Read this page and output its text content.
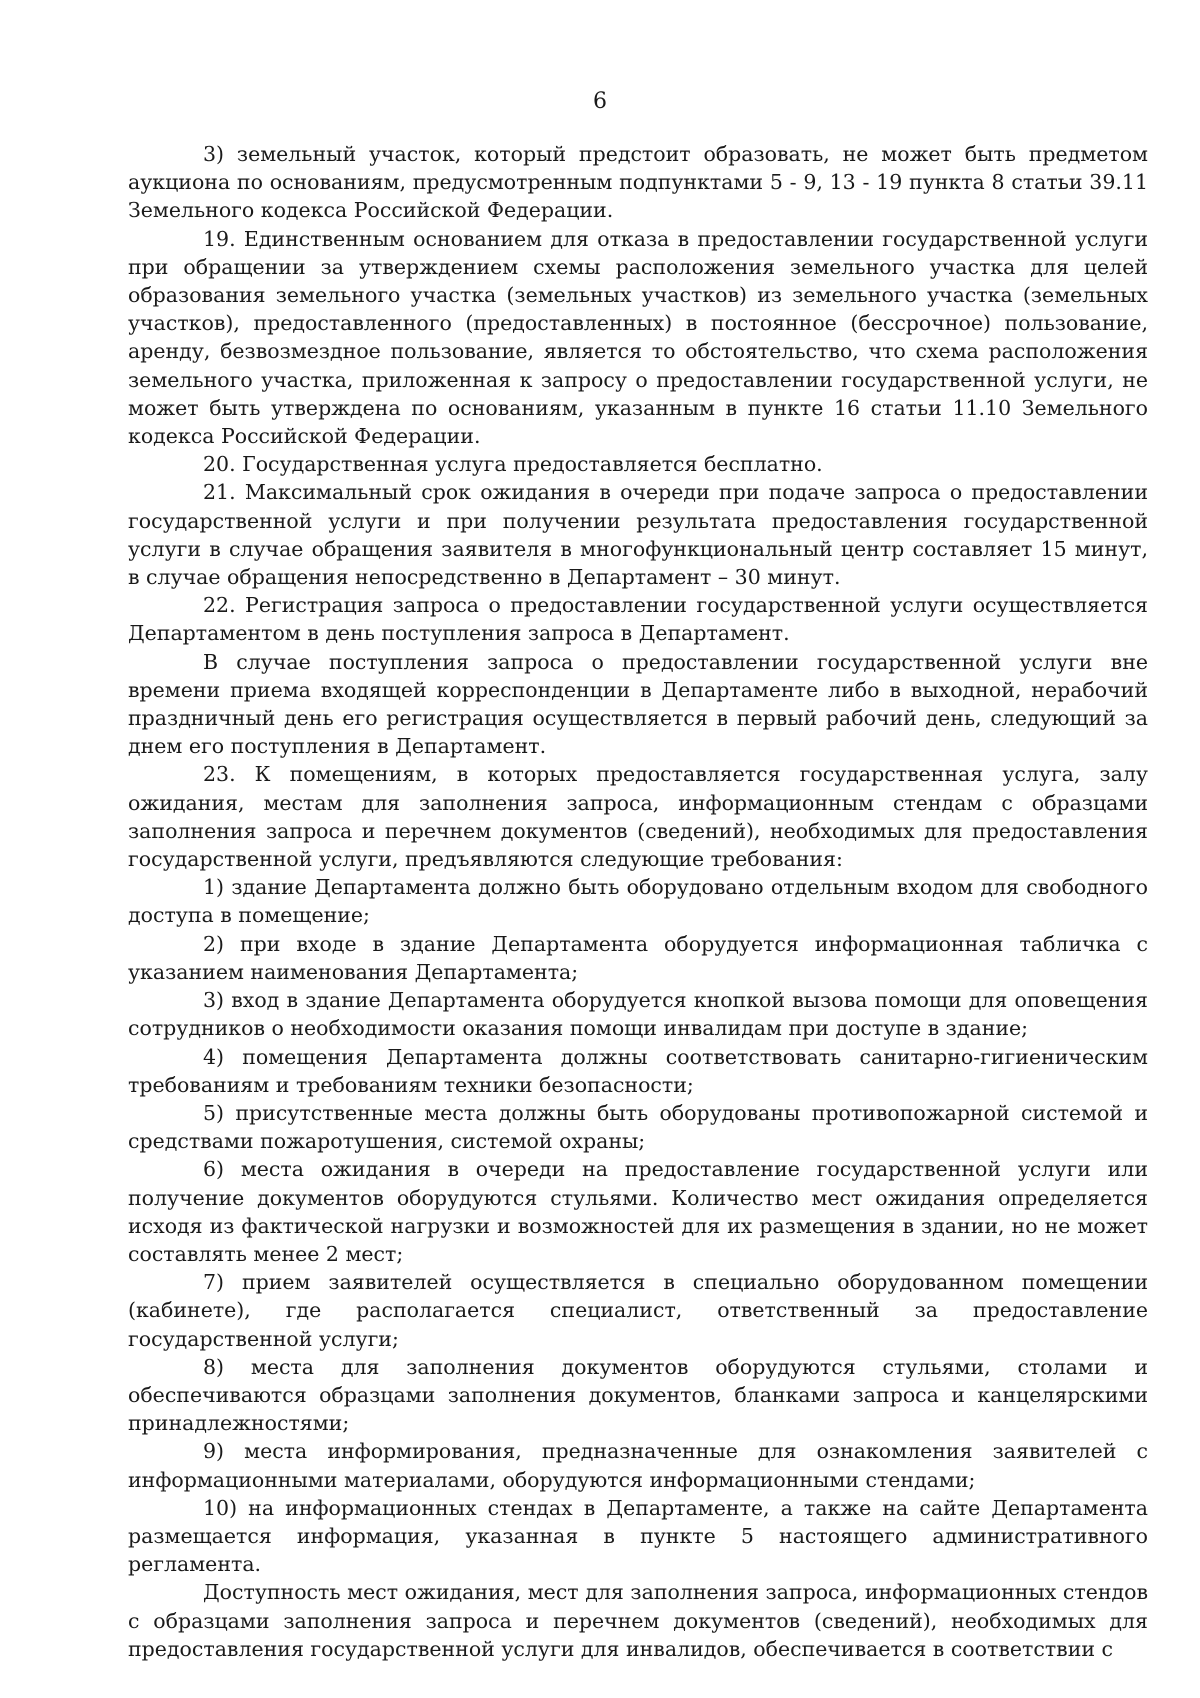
6

3) земельный участок, который предстоит образовать, не может быть предметом аукциона по основаниям, предусмотренным подпунктами 5 - 9, 13 - 19 пункта 8 статьи 39.11 Земельного кодекса Российской Федерации.

19. Единственным основанием для отказа в предоставлении государственной услуги при обращении за утверждением схемы расположения земельного участка для целей образования земельного участка (земельных участков) из земельного участка (земельных участков), предоставленного (предоставленных) в постоянное (бессрочное) пользование, аренду, безвозмездное пользование, является то обстоятельство, что схема расположения земельного участка, приложенная к запросу о предоставлении государственной услуги, не может быть утверждена по основаниям, указанным в пункте 16 статьи 11.10 Земельного кодекса Российской Федерации.

20. Государственная услуга предоставляется бесплатно.

21. Максимальный срок ожидания в очереди при подаче запроса о предоставлении государственной услуги и при получении результата предоставления государственной услуги в случае обращения заявителя в многофункциональный центр составляет 15 минут, в случае обращения непосредственно в Департамент – 30 минут.

22. Регистрация запроса о предоставлении государственной услуги осуществляется Департаментом в день поступления запроса в Департамент.

В случае поступления запроса о предоставлении государственной услуги вне времени приема входящей корреспонденции в Департаменте либо в выходной, нерабочий праздничный день его регистрация осуществляется в первый рабочий день, следующий за днем его поступления в Департамент.

23. К помещениям, в которых предоставляется государственная услуга, залу ожидания, местам для заполнения запроса, информационным стендам с образцами заполнения запроса и перечнем документов (сведений), необходимых для предоставления государственной услуги, предъявляются следующие требования:

1) здание Департамента должно быть оборудовано отдельным входом для свободного доступа в помещение;

2) при входе в здание Департамента оборудуется информационная табличка с указанием наименования Департамента;

3) вход в здание Департамента оборудуется кнопкой вызова помощи для оповещения сотрудников о необходимости оказания помощи инвалидам при доступе в здание;

4) помещения Департамента должны соответствовать санитарно-гигиеническим требованиям и требованиям техники безопасности;

5) присутственные места должны быть оборудованы противопожарной системой и средствами пожаротушения, системой охраны;

6) места ожидания в очереди на предоставление государственной услуги или получение документов оборудуются стульями. Количество мест ожидания определяется исходя из фактической нагрузки и возможностей для их размещения в здании, но не может составлять менее 2 мест;

7) прием заявителей осуществляется в специально оборудованном помещении (кабинете), где располагается специалист, ответственный за предоставление государственной услуги;

8) места для заполнения документов оборудуются стульями, столами и обеспечиваются образцами заполнения документов, бланками запроса и канцелярскими принадлежностями;

9) места информирования, предназначенные для ознакомления заявителей с информационными материалами, оборудуются информационными стендами;

10) на информационных стендах в Департаменте, а также на сайте Департамента размещается информация, указанная в пункте 5 настоящего административного регламента.

Доступность мест ожидания, мест для заполнения запроса, информационных стендов с образцами заполнения запроса и перечнем документов (сведений), необходимых для предоставления государственной услуги для инвалидов, обеспечивается в соответствии с
